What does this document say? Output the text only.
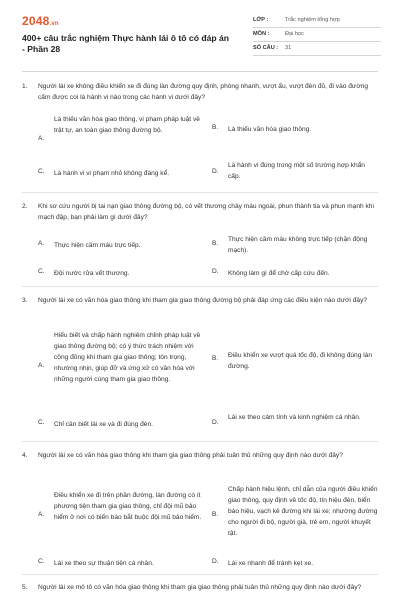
2048.vn
400+ câu trắc nghiệm Thực hành lái ô tô có đáp án - Phần 28
LỚP :	Trắc nghiệm tổng hợp
MÔN :	Đại học
SỐ CÂU : 31
1. Người lái xe không điều khiển xe đi đúng làn đường quy định, phóng nhanh, vượt ẩu, vượt đèn đỏ, đi vào đường cấm được coi là hành vi nào trong các hành vi dưới đây?
A.
Là thiếu văn hóa giao thông, vi phạm pháp luật về trật tự, an toàn giao thông đường bộ.	B. Là thiếu văn hóa giao thông.
C. Là hành vi vi phạm nhỏ không đáng kể.	D.
Là hành vi đúng trong một số trường hợp khẩn cấp.
2. Khi sơ cứu người bị tai nạn giao thông đường bộ, có vết thương chảy máu ngoài, phun thành tia và phun mạnh khi mạch đập, bạn phải làm gì dưới đây?
A. Thực hiện cầm máu trực tiếp.	B.
Thực hiện cầm máu không trực tiếp (chặn động mạch).
C. Đội nước rửa vết thương.	D. Không làm gì để chờ cấp cứu đến.
3. Người lái xe có văn hóa giao thông khi tham gia giao thông đường bộ phải đáp ứng các điều kiện nào dưới đây?
A.
Hiểu biết và chấp hành nghiêm chỉnh pháp luật về giao thông đường bộ; có ý thức trách nhiệm với cộng đồng khi tham gia giao thông; tôn trọng, nhường nhịn, giúp đỡ và ứng xử có văn hóa với những người cùng tham gia giao thông.
B. Điều khiển xe vượt quá tốc độ, đi không đúng làn đường.
C. Chỉ cần biết lái xe và đi đúng đèn.	D.
Lái xe theo cảm tính và kinh nghiệm cá nhân.
4. Người lái xe có văn hóa giao thông khi tham gia giao thông phải tuân thủ những quy định nào dưới đây?
A.
Điều khiển xe đi trên phần đường, làn đường có ít phương tiện tham gia giao thông, chỉ đội mũ bảo hiểm ở nơi có biển báo bắt buộc đội mũ bảo hiểm.	B.
Chấp hành hiệu lệnh, chỉ dẫn của người điều khiển giao thông, quy định về tốc độ, tín hiệu đèn, biển báo hiệu, vạch kẻ đường khi lái xe; nhường đường cho người đi bộ, người già, trẻ em, người khuyết tật.
C. Lái xe theo sự thuận tiện cá nhân.	D. Lái xe nhanh để tránh kẹt xe.
5. Người lái xe mô tô có văn hóa giao thông khi tham gia giao thông phải tuân thủ những quy định nào dưới đây?
